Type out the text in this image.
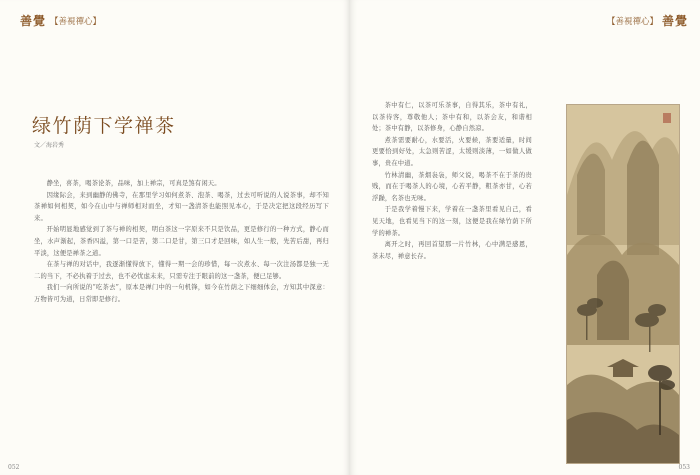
善覺 【善視禪心】
绿竹荫下学禅茶
文／海岩秀

静坐，喜茶，喝茶论茶，品味，加上禅宗，可真是煞有闲天。

因缘际会，来到幽静的佛寺，在那里学习如何煮茶、泡茶、喝茶，过去可听说的人说茶事，却不知茶禅如何相契，如今在山中与禅师相对而坐，才知一盏清茶也能照见本心，于是决定把这段经历写下来。

开始明显地感觉到了茶与禅的相契，明白茶这一字原来不只是饮品，更是修行的一种方式，静心而坐，水声渐起，茶香四溢，第一口是苦，第二口是甘，第三口才是回味，如人生一般，先苦后甜，再归平淡，这便是禅茶之道。

在茶与禅的对话中，我逐渐懂得放下，懂得一期一会的珍惜，每一次煮水、每一次注汤都是独一无二的当下，不必执着于过去，也不必忧虑未来，只需专注于眼前的这一盏茶，便已足够。

我们一向所说的“吃茶去”，原本是禅门中的一句机锋，如今在竹荫之下细细体会，方知其中深意：万物皆可为道，日常即是修行。

052
【善視禪心】 善覺

茶中有仁，以茶可乐茶事，自得其乐，茶中有礼，以茶待客，尊敬他人；茶中有和，以茶会友，和谐相处；茶中有静，以茶修身，心静自然凉。

煮茶需要耐心，水要活，火要候，茶要适量，时间更要恰到好处，太急则苦涩，太缓则淡薄，一如做人做事，贵在中道。

竹林清幽，茶烟袅袅，师父说，喝茶不在于茶的贵贱，而在于喝茶人的心境，心若平静，粗茶亦甘，心若浮躁，名茶也无味。

于是我学着慢下来，学着在一盏茶里看见自己，看见天地，也看见当下的这一刻，这便是我在绿竹荫下所学的禅茶。

离开之时，再回首望那一片竹林，心中满是感恩，茶未尽，禅意长存。

053
